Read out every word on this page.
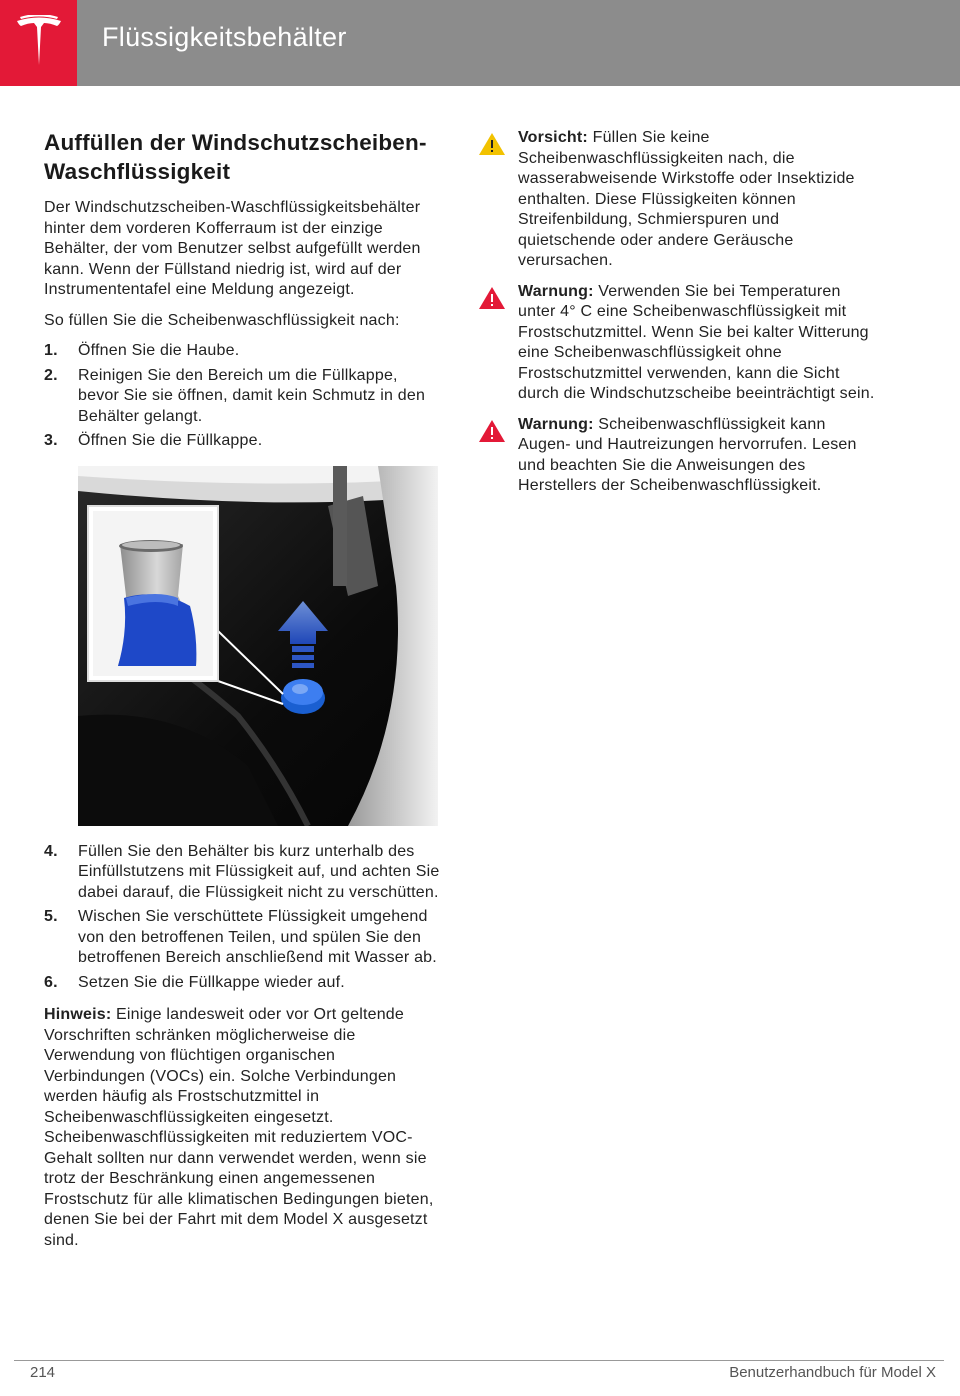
Flüssigkeitsbehälter
Auffüllen der Windschutzscheiben-Waschflüssigkeit

Der Windschutzscheiben-Waschflüssigkeitsbehälter hinter dem vorderen Kofferraum ist der einzige Behälter, der vom Benutzer selbst aufgefüllt werden kann. Wenn der Füllstand niedrig ist, wird auf der Instrumententafel eine Meldung angezeigt.

So füllen Sie die Scheibenwaschflüssigkeit nach:

1. Öffnen Sie die Haube.
2. Reinigen Sie den Bereich um die Füllkappe, bevor Sie sie öffnen, damit kein Schmutz in den Behälter gelangt.
3. Öffnen Sie die Füllkappe.
4. Füllen Sie den Behälter bis kurz unterhalb des Einfüllstutzens mit Flüssigkeit auf, und achten Sie dabei darauf, die Flüssigkeit nicht zu verschütten.
5. Wischen Sie verschüttete Flüssigkeit umgehend von den betroffenen Teilen, und spülen Sie den betroffenen Bereich anschließend mit Wasser ab.
6. Setzen Sie die Füllkappe wieder auf.

Hinweis: Einige landesweit oder vor Ort geltende Vorschriften schränken möglicherweise die Verwendung von flüchtigen organischen Verbindungen (VOCs) ein. Solche Verbindungen werden häufig als Frostschutzmittel in Scheibenwaschflüssigkeiten eingesetzt. Scheibenwaschflüssigkeiten mit reduziertem VOC-Gehalt sollten nur dann verwendet werden, wenn sie trotz der Beschränkung einen angemessenen Frostschutz für alle klimatischen Bedingungen bieten, denen Sie bei der Fahrt mit dem Model X ausgesetzt sind.

Vorsicht: Füllen Sie keine Scheibenwaschflüssigkeiten nach, die wasserabweisende Wirkstoffe oder Insektizide enthalten. Diese Flüssigkeiten können Streifenbildung, Schmierspuren und quietschende oder andere Geräusche verursachen.
Warnung: Verwenden Sie bei Temperaturen unter 4° C eine Scheibenwaschflüssigkeit mit Frostschutzmittel. Wenn Sie bei kalter Witterung eine Scheibenwaschflüssigkeit ohne Frostschutzmittel verwenden, kann die Sicht durch die Windschutzscheibe beeinträchtigt sein.
Warnung: Scheibenwaschflüssigkeit kann Augen- und Hautreizungen hervorrufen. Lesen und beachten Sie die Anweisungen des Herstellers der Scheibenwaschflüssigkeit.
214	Benutzerhandbuch für Model X
